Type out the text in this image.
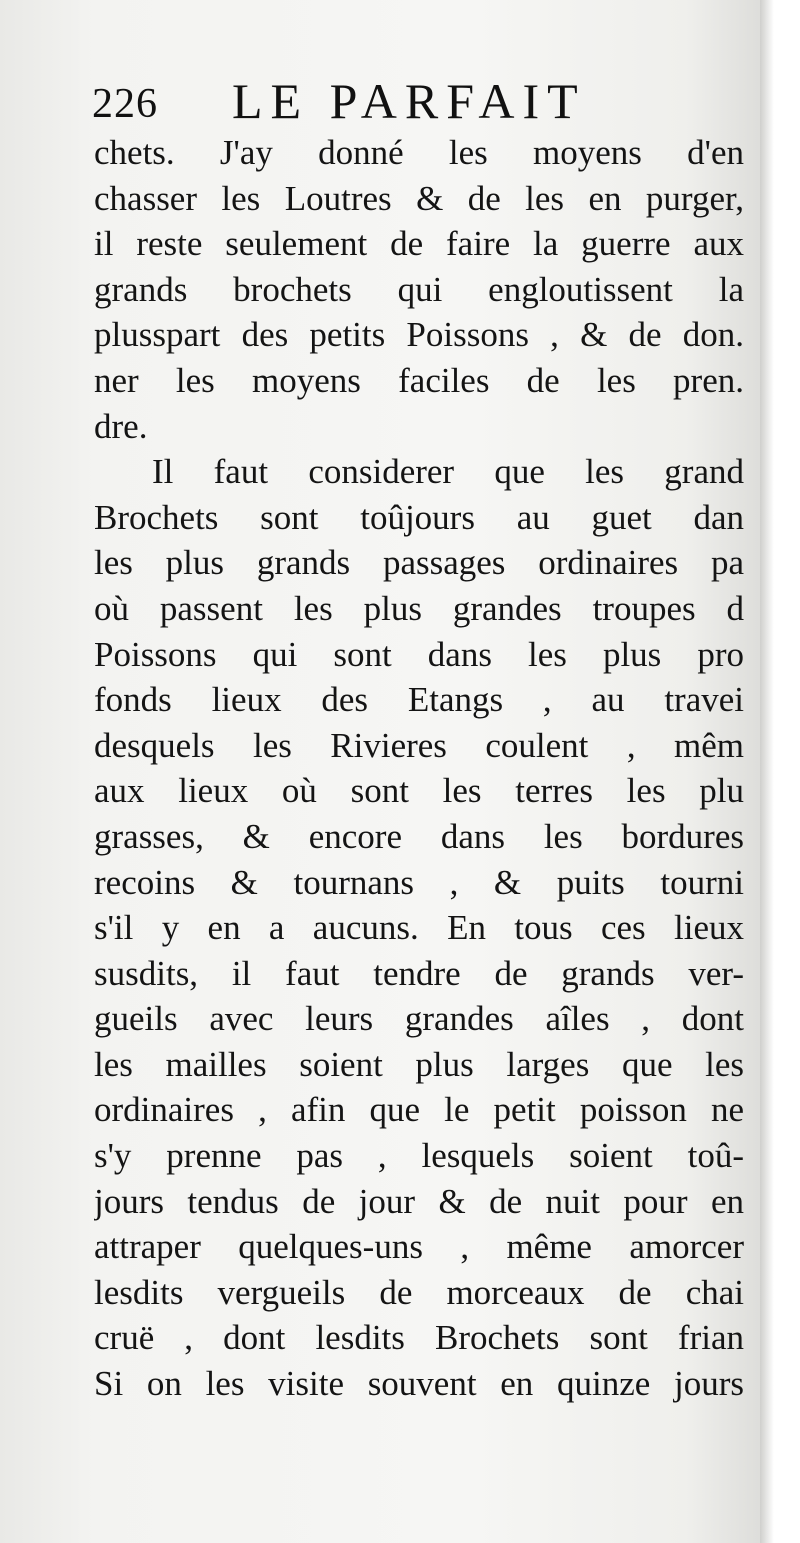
226 LE PARFAIT
chets. J'ay donné les moyens d'en
chasser les Loutres & de les en purger,
il reste seulement de faire la guerre aux
grands brochets qui engloutissent la
plusspart des petits Poissons , & de don.
ner les moyens faciles de les pren.
dre.
Il faut considerer que les grand
Brochets sont toûjours au guet dan
les plus grands passages ordinaires pa
où passent les plus grandes troupes d
Poissons qui sont dans les plus pro
fonds lieux des Etangs , au travei
desquels les Rivieres coulent , mêm
aux lieux où sont les terres les plu
grasses, & encore dans les bordures
recoins & tournans , & puits tourni
s'il y en a aucuns. En tous ces lieux
susdits, il faut tendre de grands ver-
gueils avec leurs grandes aîles , dont
les mailles soient plus larges que les
ordinaires , afin que le petit poisson ne
s'y prenne pas , lesquels soient toû-
jours tendus de jour & de nuit pour en
attraper quelques-uns , même amorcer
lesdits vergueils de morceaux de chai
cruë , dont lesdits Brochets sont frian
Si on les visite souvent en quinze jours
